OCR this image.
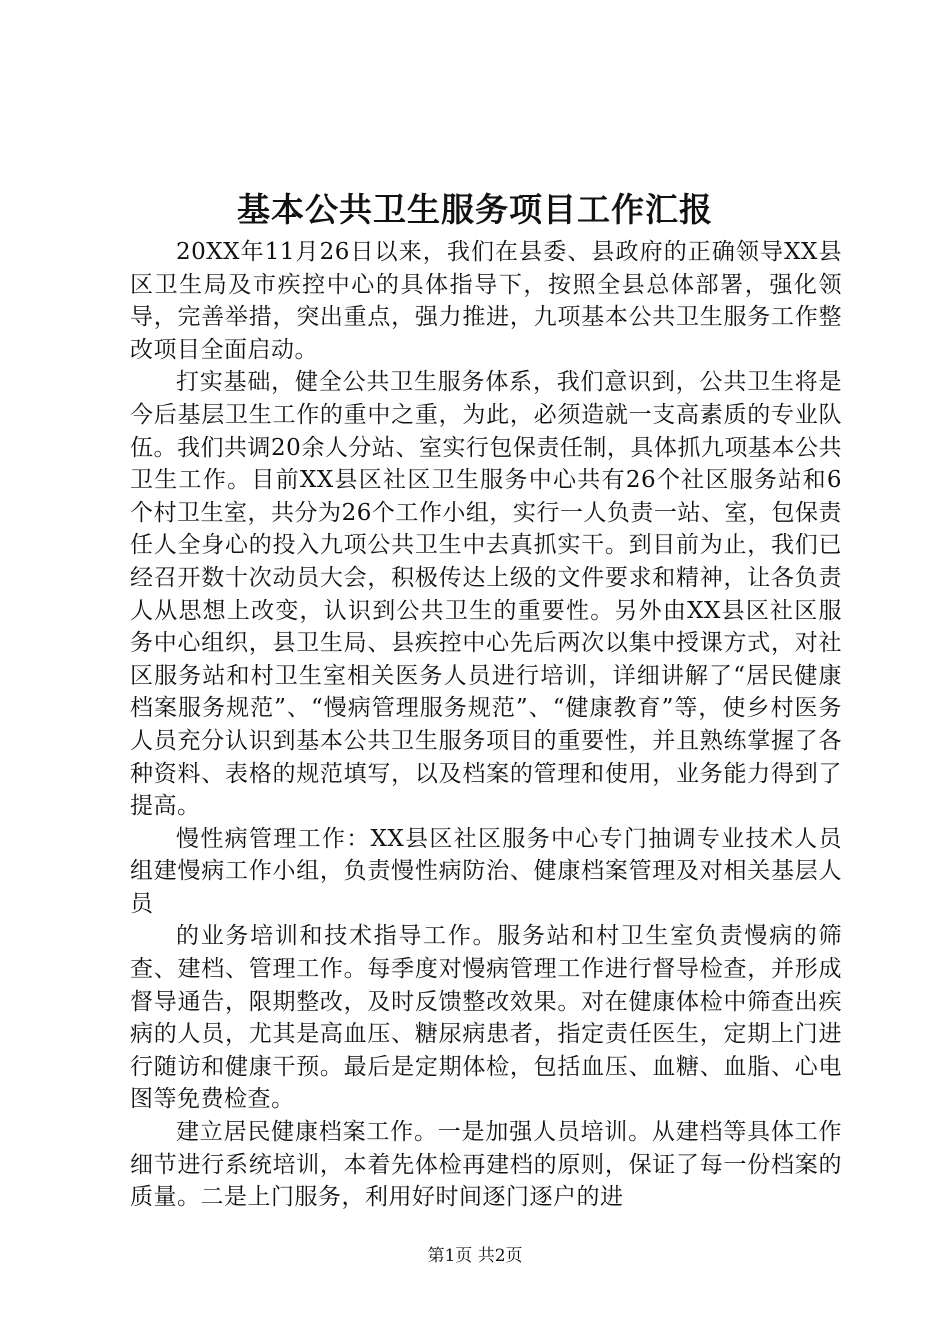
基本公共卫生服务项目工作汇报

20XX年11月26日以来，我们在县委、县政府的正确领导XX县区卫生局及市疾控中心的具体指导下，按照全县总体部署，强化领导，完善举措，突出重点，强力推进，九项基本公共卫生服务工作整改项目全面启动。

打实基础，健全公共卫生服务体系，我们意识到，公共卫生将是今后基层卫生工作的重中之重，为此，必须造就一支高素质的专业队伍。我们共调20余人分站、室实行包保责任制，具体抓九项基本公共卫生工作。目前XX县区社区卫生服务中心共有26个社区服务站和6个村卫生室，共分为26个工作小组，实行一人负责一站、室，包保责任人全身心的投入九项公共卫生中去真抓实干。到目前为止，我们已经召开数十次动员大会，积极传达上级的文件要求和精神，让各负责人从思想上改变，认识到公共卫生的重要性。另外由XX县区社区服务中心组织，县卫生局、县疾控中心先后两次以集中授课方式，对社区服务站和村卫生室相关医务人员进行培训，详细讲解了“居民健康档案服务规范”、“慢病管理服务规范”、“健康教育”等，使乡村医务人员充分认识到基本公共卫生服务项目的重要性，并且熟练掌握了各种资料、表格的规范填写，以及档案的管理和使用，业务能力得到了提高。

慢性病管理工作：XX县区社区服务中心专门抽调专业技术人员组建慢病工作小组，负责慢性病防治、健康档案管理及对相关基层人员

的业务培训和技术指导工作。服务站和村卫生室负责慢病的筛查、建档、管理工作。每季度对慢病管理工作进行督导检查，并形成督导通告，限期整改，及时反馈整改效果。对在健康体检中筛查出疾病的人员，尤其是高血压、糖尿病患者，指定责任医生，定期上门进行随访和健康干预。最后是定期体检，包括血压、血糖、血脂、心电图等免费检查。

建立居民健康档案工作。一是加强人员培训。从建档等具体工作细节进行系统培训，本着先体检再建档的原则，保证了每一份档案的质量。二是上门服务，利用好时间逐门逐户的进

第1页 共2页
